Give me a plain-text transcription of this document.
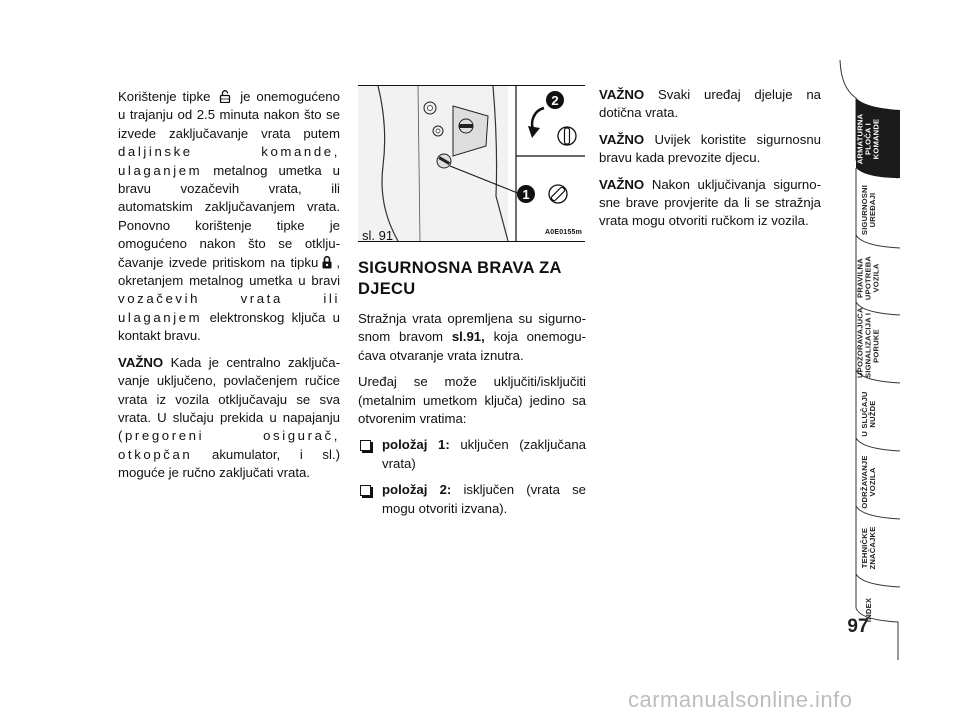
Korištenje tipke je onemogućeno u trajanju od 2.5 minuta nakon što se izvede zaključavanje vrata putem daljinske komande, ulaganjem metalnog umetka u bravu vozačevih vrata, ili automatskim zaključavanjem vrata. Ponovno korištenje tipke je omogućeno nakon što se otklju-čavanje izvede pritiskom na tipku , okretanjem metalnog umetka u bravi vozačevih vrata ili ulaganjem elektronskog ključa u kontakt bravu.

VAŽNO Kada je centralno zaključa-vanje uključeno, povlačenjem ručice vrata iz vozila otključavaju se sva vrata. U slučaju prekida u napajanju (pregoreni osigurač, otkopčan akumulator, i sl.) moguće je ručno zaključati vrata.

2
1
sl. 91	A0E0155m
SIGURNOSNA BRAVA ZA DJECU

Stražnja vrata opremljena su sigurno-snom bravom sl.91, koja onemogu-ćava otvaranje vrata iznutra.

Uređaj se može uključiti/isključiti (metalnim umetkom ključa) jedino sa otvorenim vratima:

položaj 1: uključen (zaključana vrata)
položaj 2: isključen (vrata se mogu otvoriti izvana).

VAŽNO Svaki uređaj djeluje na dotična vrata.

VAŽNO Uvijek koristite sigurnosnu bravu kada prevozite djecu.

VAŽNO Nakon uključivanja sigurno-sne brave provjerite da li se stražnja vrata mogu otvoriti ručkom iz vozila.

ARMATURNA
PLOČA I
KOMANDE
SIGURNOSNI
UREĐAJI
PRAVILNA
UPOTREBA
VOZILA
UPOZORAVAJUĆA
SIGNALIZACIJA I
PORUKE
U SLUČAJU
NUŽDE
ODRŽAVANJE
VOZILA
TEHNIČKE
ZNAČAJKE
INDEX
97
carmanualsonline.info
